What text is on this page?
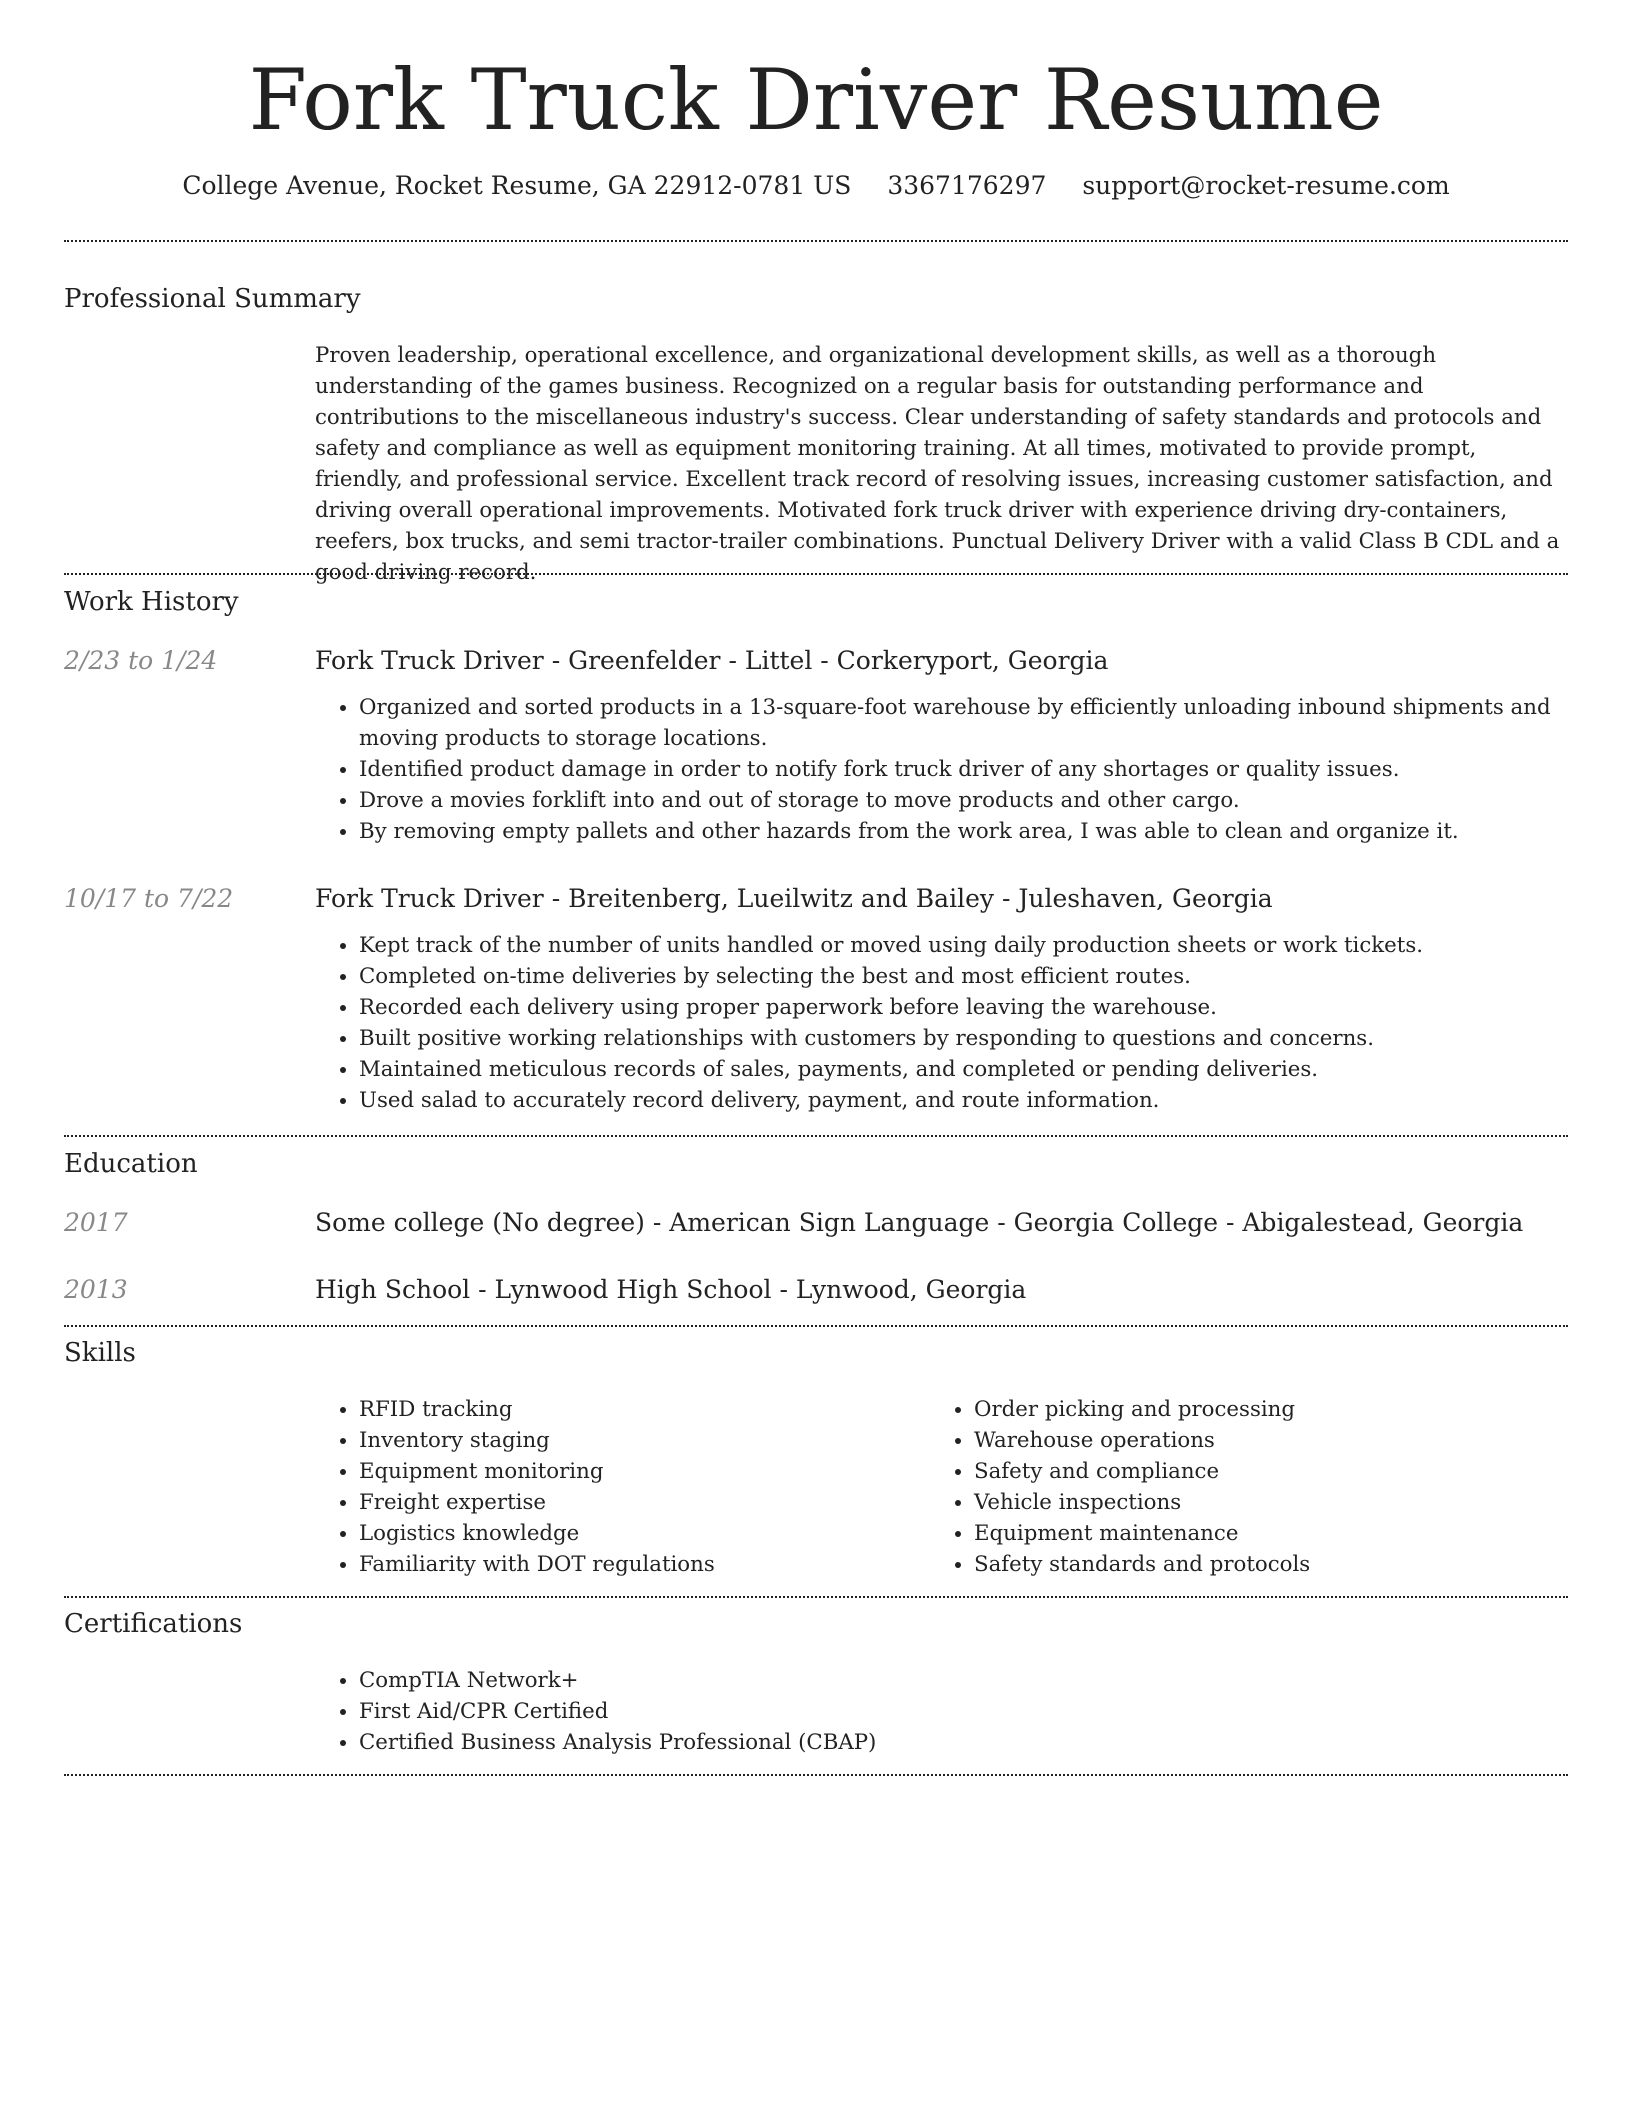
Fork Truck Driver Resume
College Avenue, Rocket Resume, GA 22912-0781 US 3367176297 support@rocket-resume.com
Professional Summary

Proven leadership, operational excellence, and organizational development skills, as well as a thorough understanding of the games business. Recognized on a regular basis for outstanding performance and contributions to the miscellaneous industry's success. Clear understanding of safety standards and protocols and safety and compliance as well as equipment monitoring training. At all times, motivated to provide prompt, friendly, and professional service. Excellent track record of resolving issues, increasing customer satisfaction, and driving overall operational improvements. Motivated fork truck driver with experience driving dry-containers, reefers, box trucks, and semi tractor-trailer combinations. Punctual Delivery Driver with a valid Class B CDL and a good driving record.

Work History
2/23 to 1/24	Fork Truck Driver - Greenfelder - Littel - Corkeryport, Georgia
• Organized and sorted products in a 13-square-foot warehouse by efficiently unloading inbound shipments and moving products to storage locations.
• Identified product damage in order to notify fork truck driver of any shortages or quality issues.
• Drove a movies forklift into and out of storage to move products and other cargo.
• By removing empty pallets and other hazards from the work area, I was able to clean and organize it.
10/17 to 7/22	Fork Truck Driver - Breitenberg, Lueilwitz and Bailey - Juleshaven, Georgia
• Kept track of the number of units handled or moved using daily production sheets or work tickets.
• Completed on-time deliveries by selecting the best and most efficient routes.
• Recorded each delivery using proper paperwork before leaving the warehouse.
• Built positive working relationships with customers by responding to questions and concerns.
• Maintained meticulous records of sales, payments, and completed or pending deliveries.
• Used salad to accurately record delivery, payment, and route information.
Education
2017	Some college (No degree) - American Sign Language - Georgia College - Abigalestead, Georgia
2013	High School - Lynwood High School - Lynwood, Georgia
Skills
• RFID tracking
• Inventory staging
• Equipment monitoring
• Freight expertise
• Logistics knowledge
• Familiarity with DOT regulations
• Order picking and processing
• Warehouse operations
• Safety and compliance
• Vehicle inspections
• Equipment maintenance
• Safety standards and protocols
Certifications
• CompTIA Network+
• First Aid/CPR Certified
• Certified Business Analysis Professional (CBAP)
